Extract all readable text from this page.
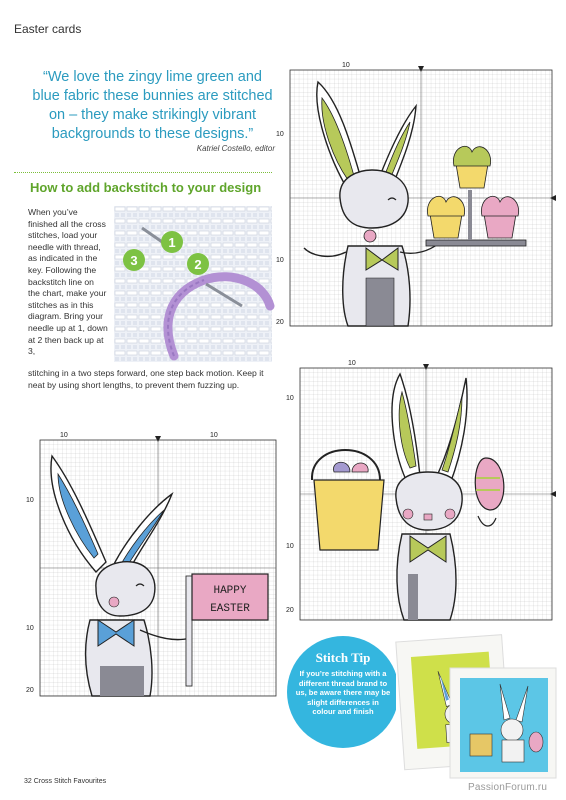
Easter cards
“We love the zingy lime green and blue fabric these bunnies are stitched on – they make strikingly vibrant backgrounds to these designs.”
Katriel Costello, editor
How to add backstitch to your design
When you’ve finished all the cross stitches, load your needle with thread, as indicated in the key. Following the backstitch line on the chart, make your stitches as in this diagram. Bring your needle up at 1, down at 2 then back up at 3,
stitching in a two steps forward, one step back motion. Keep it neat by using short lengths, to prevent them fuzzing up.
1
2
3
10
10
10
20
10
10
10
20
HAPPY
EASTER
10	10
10
10
20
Stitch Tip
If you’re stitching with a different thread brand to us, be aware there may be slight differences in colour and finish
32 Cross Stitch Favourites
PassionForum.ru
